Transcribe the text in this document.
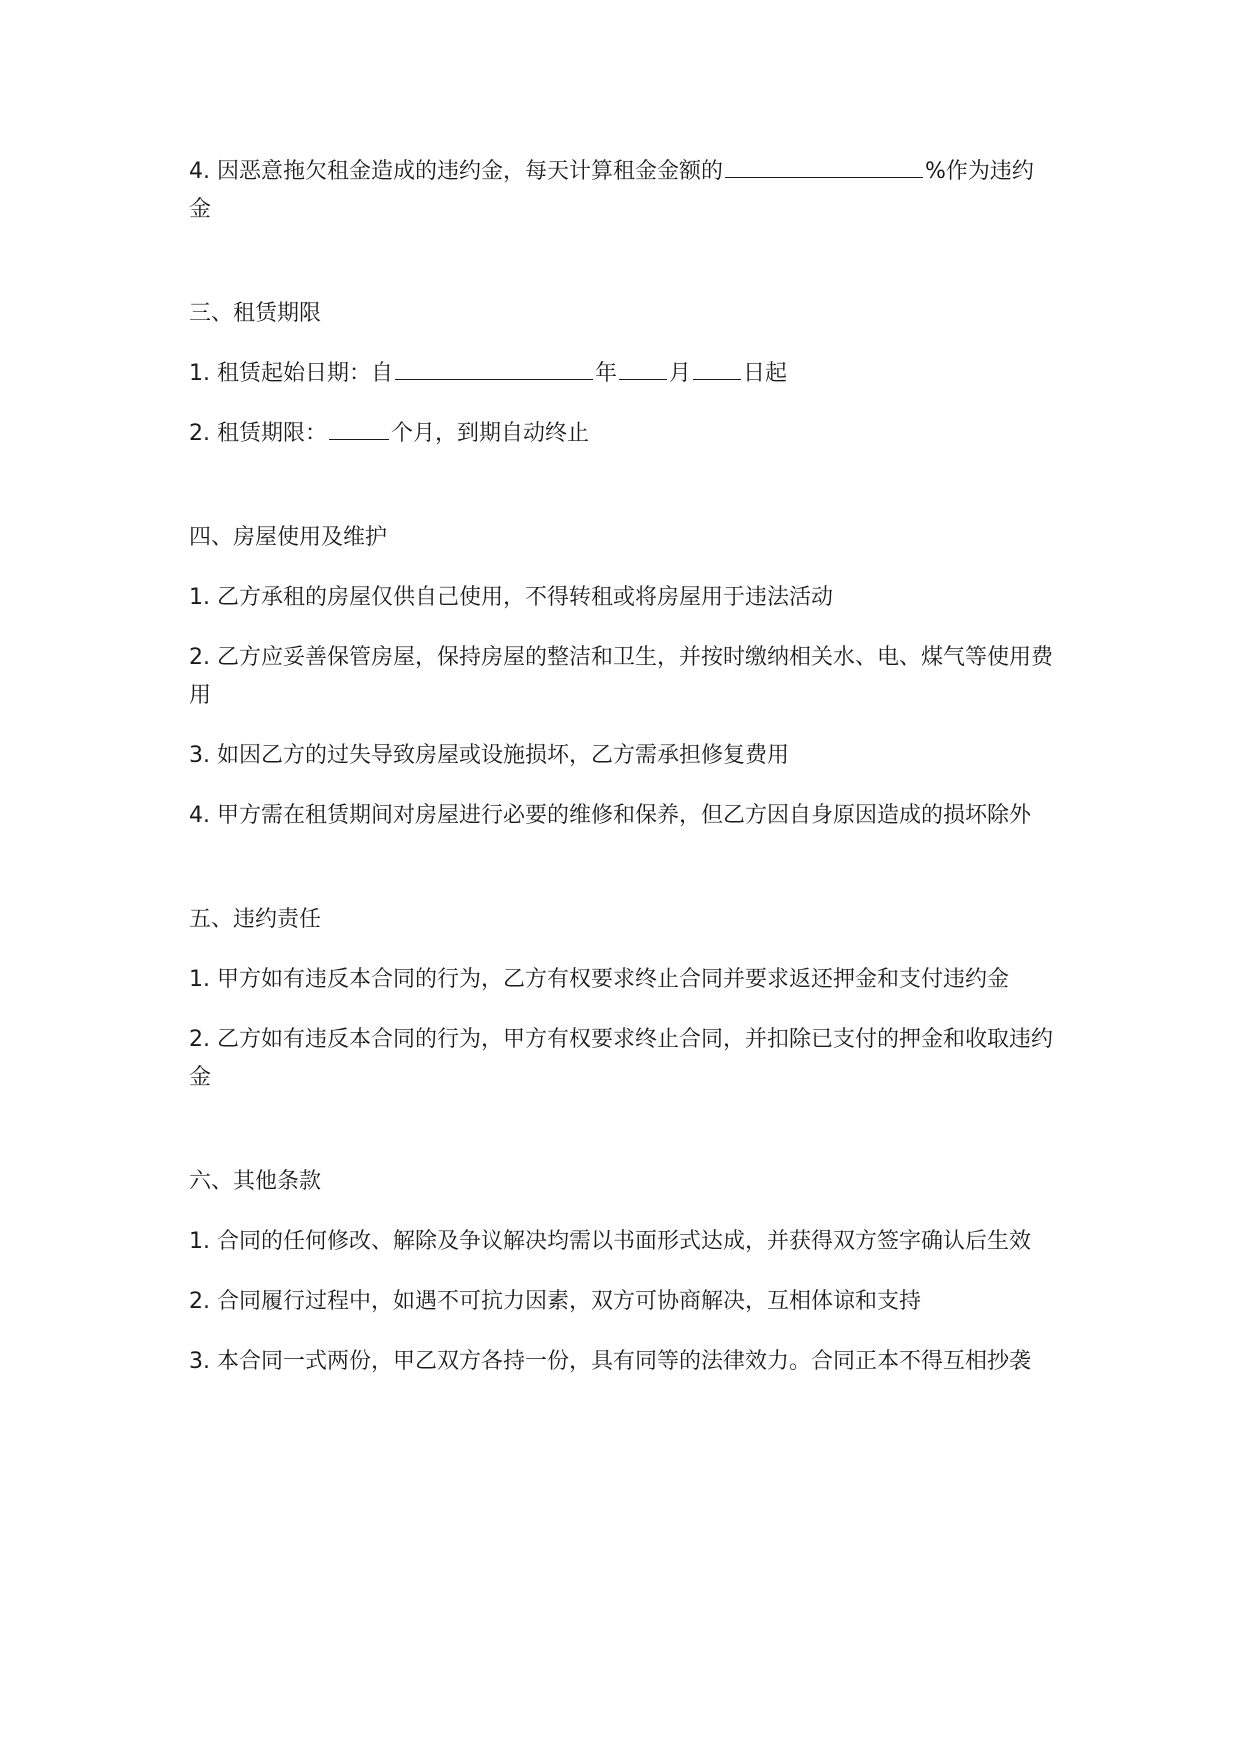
4. 因恶意拖欠租金造成的违约金，每天计算租金金额的	%作为违约金

三、租赁期限

1. 租赁起始日期：自	年 月 日起

2. 租赁期限：	个月，到期自动终止

四、房屋使用及维护

1. 乙方承租的房屋仅供自己使用，不得转租或将房屋用于违法活动

2. 乙方应妥善保管房屋，保持房屋的整洁和卫生，并按时缴纳相关水、电、煤气等使用费用

3. 如因乙方的过失导致房屋或设施损坏，乙方需承担修复费用

4. 甲方需在租赁期间对房屋进行必要的维修和保养，但乙方因自身原因造成的损坏除外

五、违约责任

1. 甲方如有违反本合同的行为，乙方有权要求终止合同并要求返还押金和支付违约金

2. 乙方如有违反本合同的行为，甲方有权要求终止合同，并扣除已支付的押金和收取违约金

六、其他条款

1. 合同的任何修改、解除及争议解决均需以书面形式达成，并获得双方签字确认后生效

2. 合同履行过程中，如遇不可抗力因素，双方可协商解决，互相体谅和支持

3. 本合同一式两份，甲乙双方各持一份，具有同等的法律效力。合同正本不得互相抄袭
